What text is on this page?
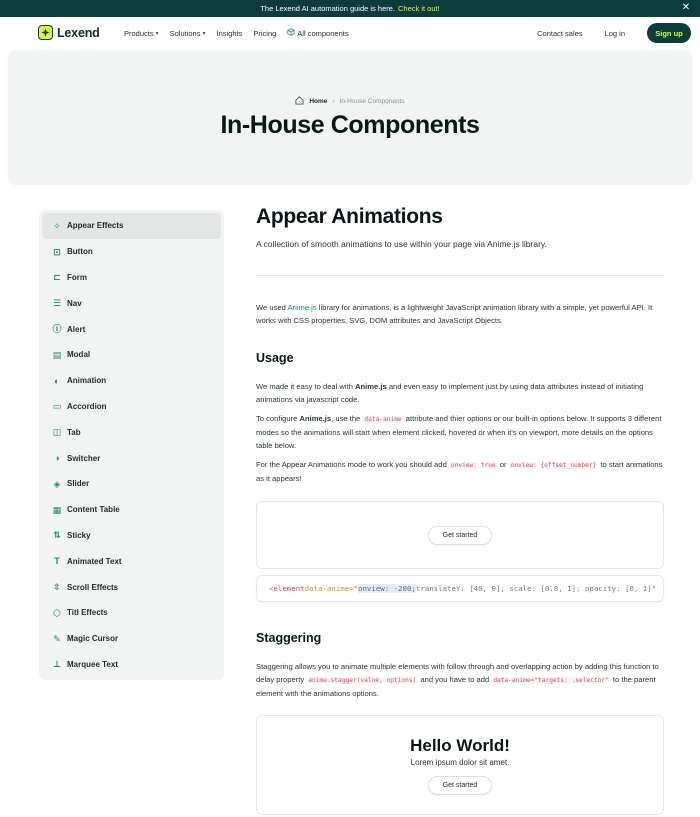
The Lexend AI automation guide is here. Check it out!	✕
Lexend	Products ▾ Solutions ▾ Insights Pricing	All components	Contact sales	Log in	Sign up
Home › In-House Components
In-House Components
✧ Appear Effects
⊡ Button
⊏ Form
☰ Nav
ⓘ Alert
▤ Modal
◐ Animation
▭ Accordion
◫ Tab
◑ Switcher
◈ Slider
▦ Content Table
⇅ Sticky
T Animated Text
⇳ Scroll Effects
⬡ Titl Effects
✎ Magic Cursor
⊥ Marquee Text
Appear Animations
A collection of smooth animations to use within your page via Anime.js library.

We used Anime.js library for animations, is a lightweight JavaScript animation library with a simple, yet powerful API. It works with CSS properties, SVG, DOM attributes and JavaScript Objects.

Usage

We made it easy to deal with Anime.js and even easy to implement just by using data attributes instead of initiating animations via javascript code.

To configure Anime.js, use the data-anime attribute and thier options or our built-in options below. It supports 3 different modes so the animations will start when element clicked, hovered or when it's on viewport, more details on the options table below.

For the Appear Animations mode to work you should add onview: true or onview: {offset_number} to start animations as it appears!

Get started
<element data-anime=" onview: -200; translateY: [40, 0]; scale: [0.8, 1]; opacity: [0, 1]"
Staggering

Staggering allows you to animate multiple elements with follow through and overlapping action by adding this function to delay property anime.stagger(value, options) and you have to add data-anime="targets: .selector" to the parent element with the animations options.

Hello World!
Lorem ipsum dolor sit amet.
Get started
